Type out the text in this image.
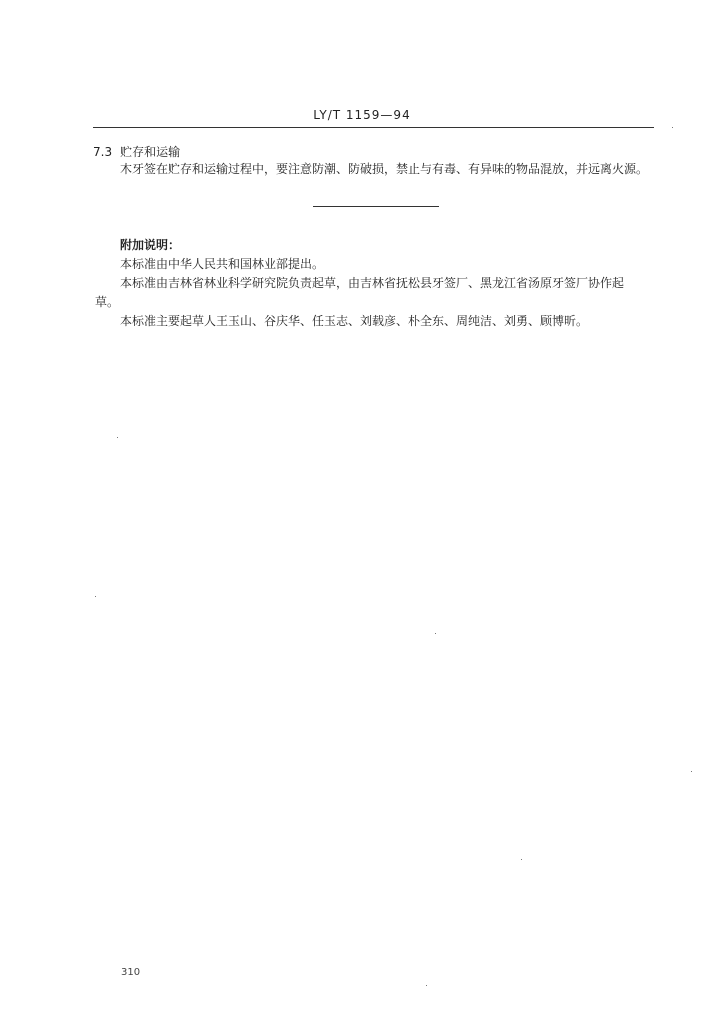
LY/T 1159—94
7.3 贮存和运输
木牙签在贮存和运输过程中，要注意防潮、防破损，禁止与有毒、有异味的物品混放，并远离火源。
附加说明：
本标准由中华人民共和国林业部提出。
本标准由吉林省林业科学研究院负责起草，由吉林省抚松县牙签厂、黑龙江省汤原牙签厂协作起
草。
本标准主要起草人王玉山、谷庆华、任玉志、刘载彦、朴全东、周纯洁、刘勇、顾博昕。
310
